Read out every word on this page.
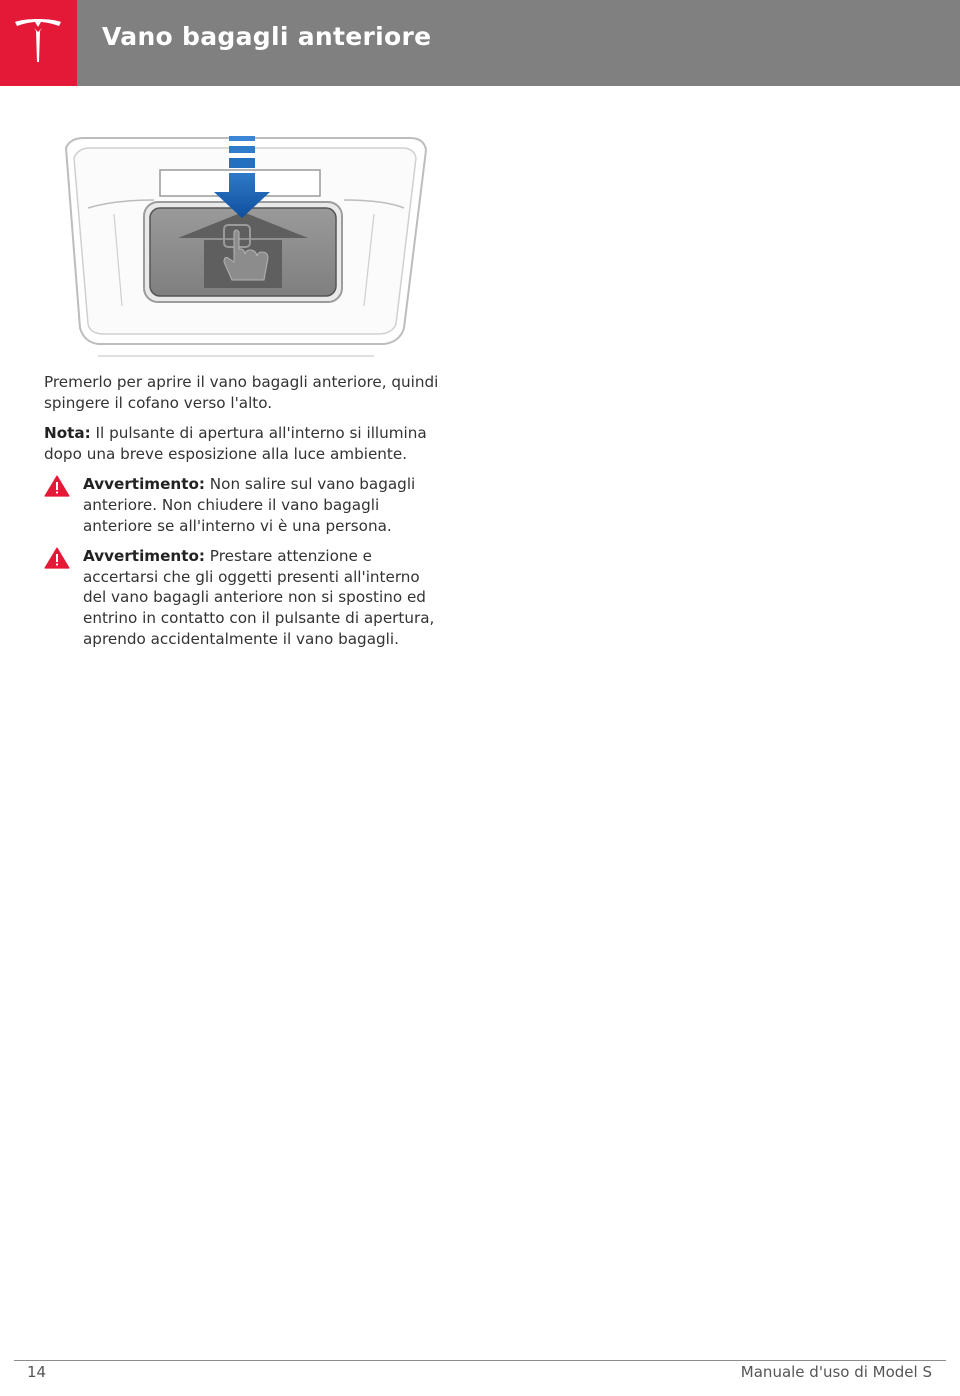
Vano bagagli anteriore

Premerlo per aprire il vano bagagli anteriore, quindi spingere il cofano verso l'alto.

Nota: Il pulsante di apertura all'interno si illumina dopo una breve esposizione alla luce ambiente.

Avvertimento: Non salire sul vano bagagli anteriore. Non chiudere il vano bagagli anteriore se all'interno vi è una persona.
Avvertimento: Prestare attenzione e accertarsi che gli oggetti presenti all'interno del vano bagagli anteriore non si spostino ed entrino in contatto con il pulsante di apertura, aprendo accidentalmente il vano bagagli.
14	Manuale d'uso di Model S
